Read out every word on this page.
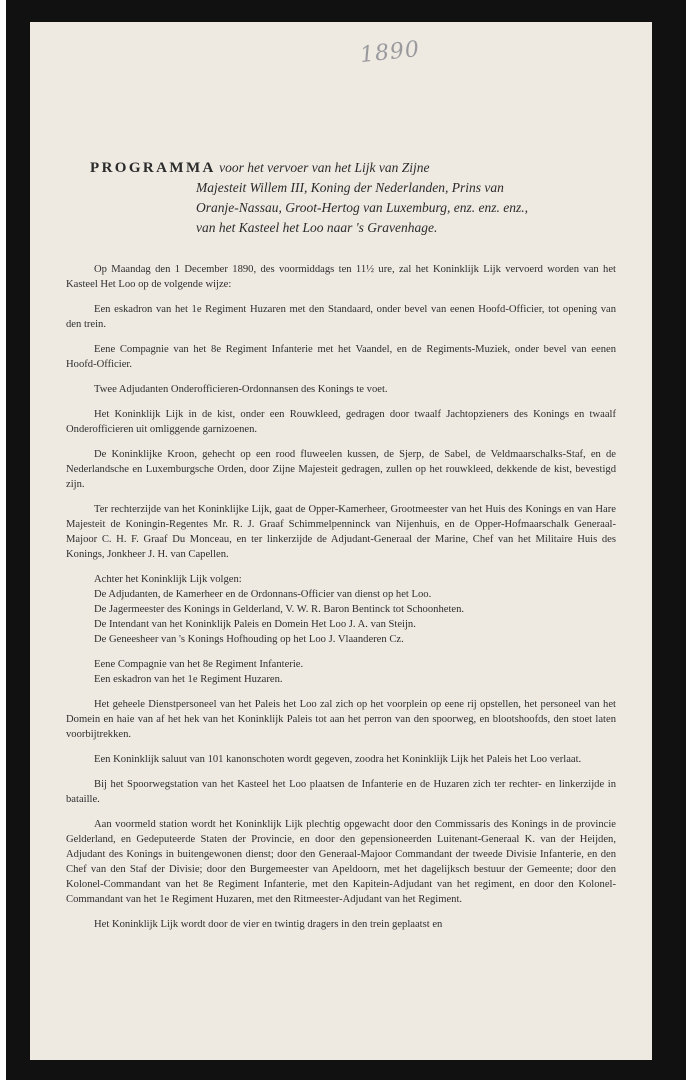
1890
PROGRAMMA voor het vervoer van het Lijk van Zijne
Majesteit Willem III, Koning der Nederlanden, Prins van
Oranje-Nassau, Groot-Hertog van Luxemburg, enz. enz. enz.,
van het Kasteel het Loo naar 's Gravenhage.

Op Maandag den 1 December 1890, des voormiddags ten 11½ ure, zal het Koninklijk Lijk vervoerd worden van het Kasteel Het Loo op de volgende wijze:

Een eskadron van het 1e Regiment Huzaren met den Standaard, onder bevel van eenen Hoofd-Officier, tot opening van den trein.

Eene Compagnie van het 8e Regiment Infanterie met het Vaandel, en de Regiments-Muziek, onder bevel van eenen Hoofd-Officier.

Twee Adjudanten Onderofficieren-Ordonnansen des Konings te voet.

Het Koninklijk Lijk in de kist, onder een Rouwkleed, gedragen door twaalf Jachtopzieners des Konings en twaalf Onderofficieren uit omliggende garnizoenen.

De Koninklijke Kroon, gehecht op een rood fluweelen kussen, de Sjerp, de Sabel, de Veldmaarschalks-Staf, en de Nederlandsche en Luxemburgsche Orden, door Zijne Majesteit gedragen, zullen op het rouwkleed, dekkende de kist, bevestigd zijn.

Ter rechterzijde van het Koninklijke Lijk, gaat de Opper-Kamerheer, Grootmeester van het Huis des Konings en van Hare Majesteit de Koningin-Regentes Mr. R. J. Graaf Schimmelpenninck van Nijenhuis, en de Opper-Hofmaarschalk Generaal-Majoor C. H. F. Graaf Du Monceau, en ter linkerzijde de Adjudant-Generaal der Marine, Chef van het Militaire Huis des Konings, Jonkheer J. H. van Capellen.

Achter het Koninklijk Lijk volgen:
De Adjudanten, de Kamerheer en de Ordonnans-Officier van dienst op het Loo.
De Jagermeester des Konings in Gelderland, V. W. R. Baron Bentinck tot Schoonheten.
De Intendant van het Koninklijk Paleis en Domein Het Loo J. A. van Steijn.
De Geneesheer van 's Konings Hofhouding op het Loo J. Vlaanderen Cz.
Eene Compagnie van het 8e Regiment Infanterie.
Een eskadron van het 1e Regiment Huzaren.

Het geheele Dienstpersoneel van het Paleis het Loo zal zich op het voorplein op eene rij opstellen, het personeel van het Domein en haie van af het hek van het Koninklijk Paleis tot aan het perron van den spoorweg, en blootshoofds, den stoet laten voorbijtrekken.

Een Koninklijk saluut van 101 kanonschoten wordt gegeven, zoodra het Koninklijk Lijk het Paleis het Loo verlaat.

Bij het Spoorwegstation van het Kasteel het Loo plaatsen de Infanterie en de Huzaren zich ter rechter- en linkerzijde in bataille.

Aan voormeld station wordt het Koninklijk Lijk plechtig opgewacht door den Commissaris des Konings in de provincie Gelderland, en Gedeputeerde Staten der Provincie, en door den gepensioneerden Luitenant-Generaal K. van der Heijden, Adjudant des Konings in buitengewonen dienst; door den Generaal-Majoor Commandant der tweede Divisie Infanterie, en den Chef van den Staf der Divisie; door den Burgemeester van Apeldoorn, met het dagelijksch bestuur der Gemeente; door den Kolonel-Commandant van het 8e Regiment Infanterie, met den Kapitein-Adjudant van het regiment, en door den Kolonel-Commandant van het 1e Regiment Huzaren, met den Ritmeester-Adjudant van het Regiment.

Het Koninklijk Lijk wordt door de vier en twintig dragers in den trein geplaatst en
